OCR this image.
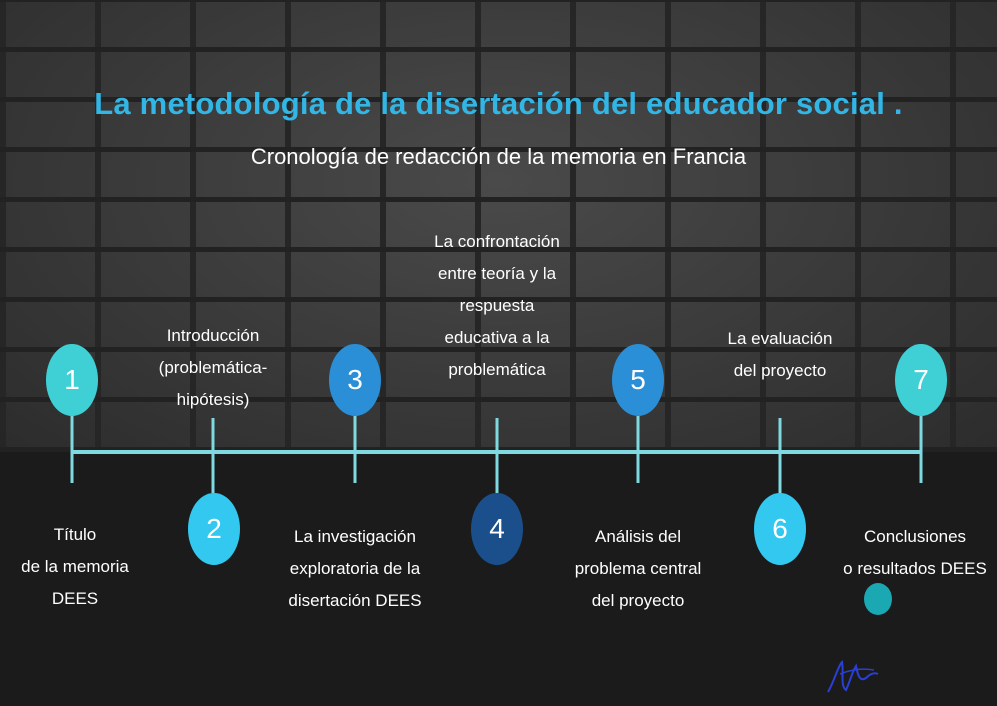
La metodología de la disertación del educador social .
Cronología de redacción de la memoria en Francia
1
2
3
4
5
6
7
Título
de la memoria
DEES
Introducción
(problemática-
hipótesis)
La investigación
exploratoria de la
disertación DEES
La confrontación
entre teoría y la
respuesta
educativa a la
problemática
Análisis del
problema central
del proyecto
La evaluación
del proyecto
Conclusiones
o resultados DEES
